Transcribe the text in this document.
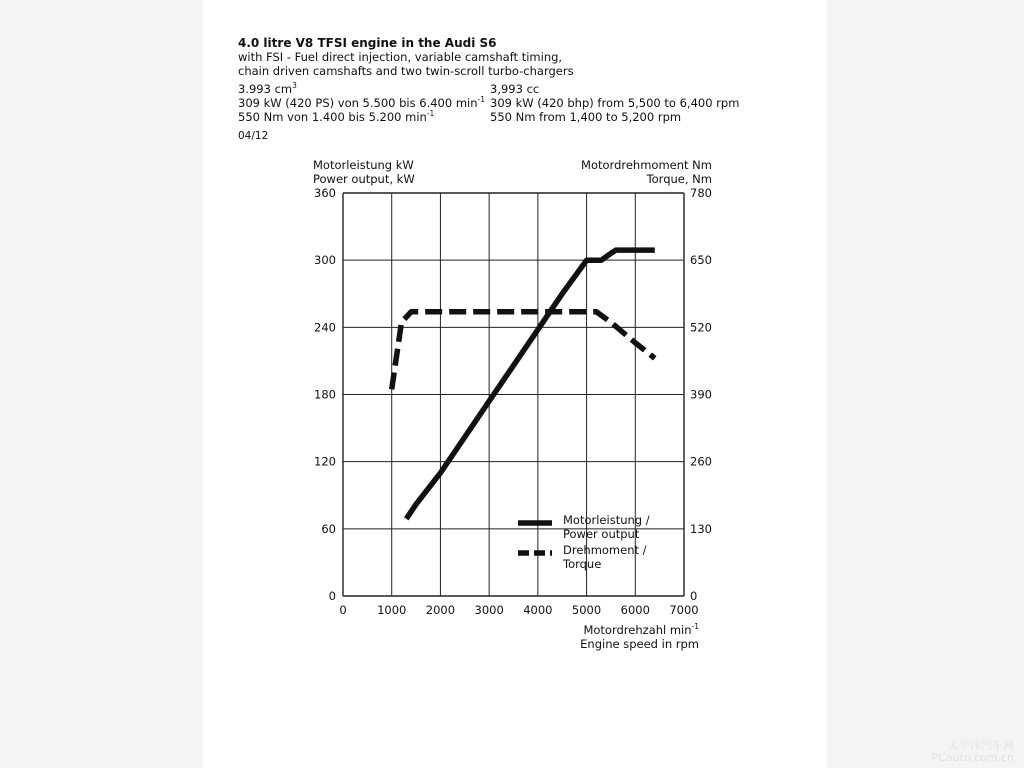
4.0 litre V8 TFSI engine in the Audi S6
with FSI - Fuel direct injection, variable camshaft timing,
chain driven camshafts and two twin-scroll turbo-chargers
3.993 $cm^3$
309 kW (420 PS) von 5.500 bis 6.400 $\min^{-1}$
550 Nm von 1.400 bis 5.200 $\min^{-1}$
3,993 cc
309 kW (420 bhp) from 5,500 to 6,400 rpm
550 Nm from 1,400 to 5,200 rpm
04/12
Motorleistung kW
Power output, kW
Motordrehmoment Nm
Torque, Nm
0	1000 2000 3000 4000 5000 6000 7000
0
60
120
180
240
300
360
0
130
260
390
520
650
780
Motorleistung /
Power output
Drehmoment /
Torque
Motordrehzahl $\min^{-1}$
Engine speed in rpm
太平洋汽车网
PCauto.com.cn
